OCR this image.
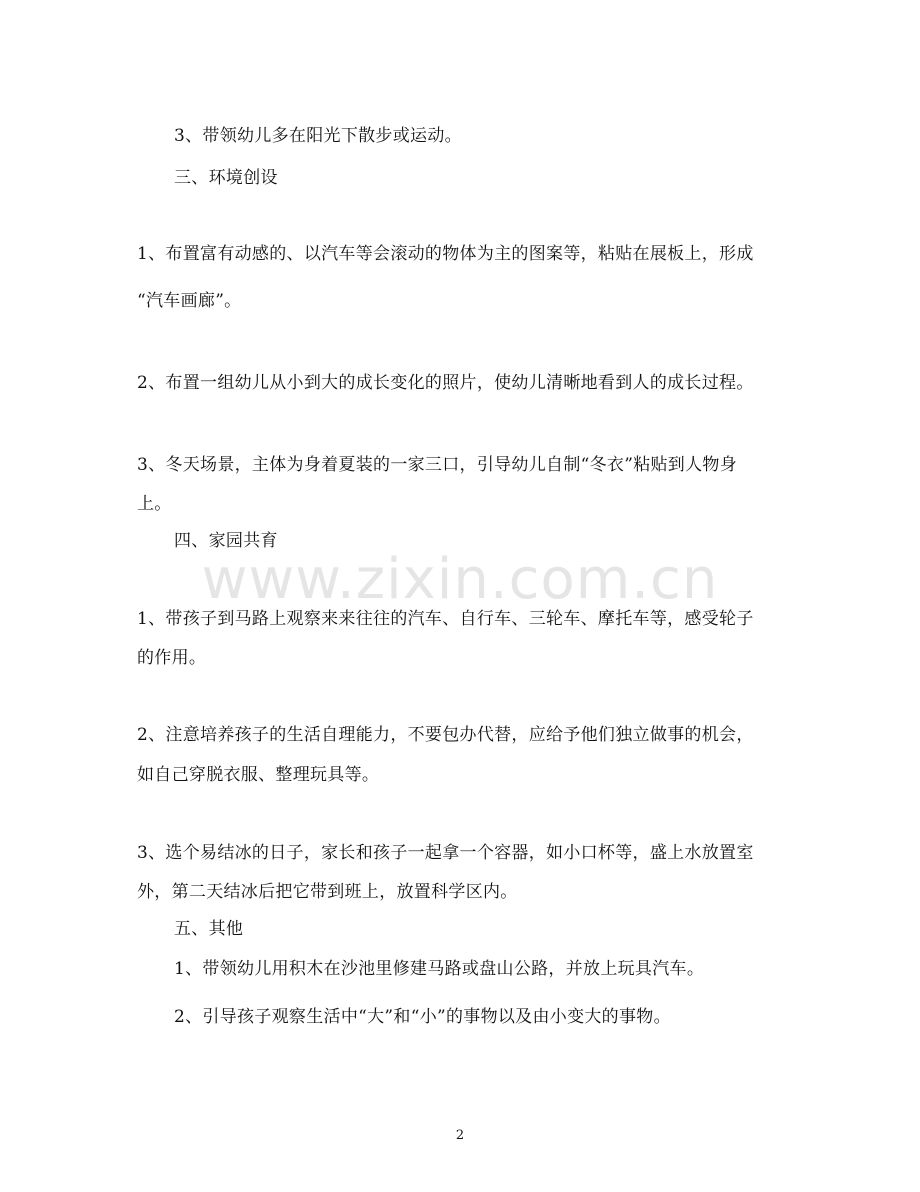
3、带领幼儿多在阳光下散步或运动。
三、环境创设
1、布置富有动感的、以汽车等会滚动的物体为主的图案等，粘贴在展板上，形成
“汽车画廊”。
2、布置一组幼儿从小到大的成长变化的照片，使幼儿清晰地看到人的成长过程。
3、冬天场景，主体为身着夏装的一家三口，引导幼儿自制“冬衣”粘贴到人物身
上。
四、家园共育
1、带孩子到马路上观察来来往往的汽车、自行车、三轮车、摩托车等，感受轮子
的作用。
2、注意培养孩子的生活自理能力，不要包办代替，应给予他们独立做事的机会，
如自己穿脱衣服、整理玩具等。
3、选个易结冰的日子，家长和孩子一起拿一个容器，如小口杯等，盛上水放置室
外，第二天结冰后把它带到班上，放置科学区内。
五、其他
1、带领幼儿用积木在沙池里修建马路或盘山公路，并放上玩具汽车。
2、引导孩子观察生活中“大”和“小”的事物以及由小变大的事物。
www.zixin.com.cn
2
